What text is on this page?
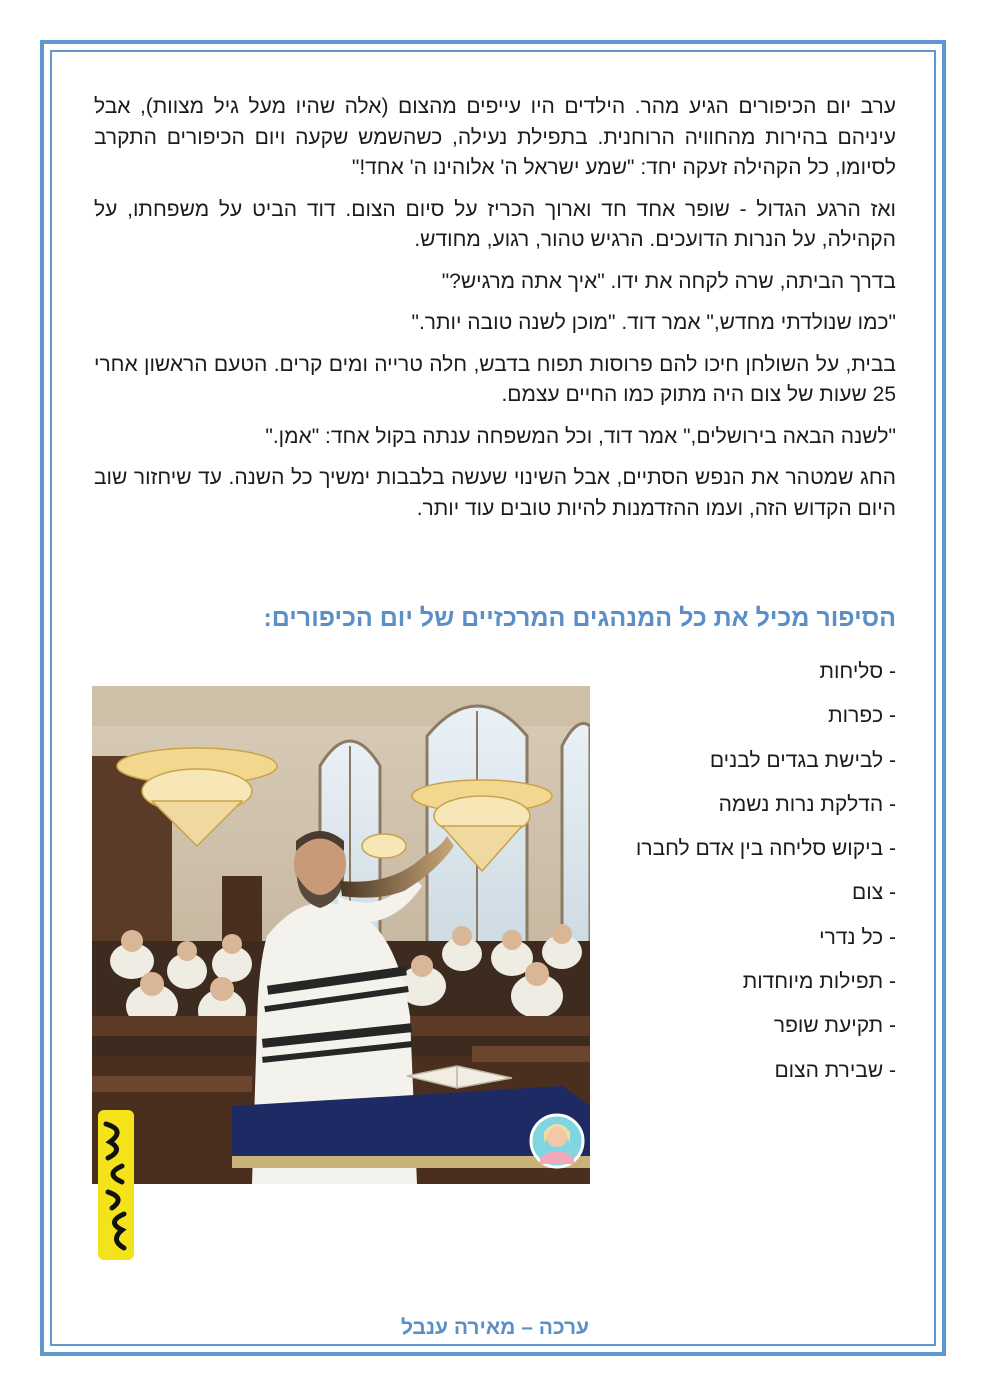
ערב יום הכיפורים הגיע מהר. הילדים היו עייפים מהצום (אלה שהיו מעל גיל מצוות), אבל עיניהם בהירות מהחוויה הרוחנית. בתפילת נעילה, כשהשמש שקעה ויום הכיפורים התקרב לסיומו, כל הקהילה זעקה יחד: "שמע ישראל ה' אלוהינו ה' אחד!"

ואז הרגע הגדול - שופר אחד חד וארוך הכריז על סיום הצום. דוד הביט על משפחתו, על הקהילה, על הנרות הדועכים. הרגיש טהור, רגוע, מחודש.

בדרך הביתה, שרה לקחה את ידו. "איך אתה מרגיש?"

"כמו שנולדתי מחדש," אמר דוד. "מוכן לשנה טובה יותר."

בבית, על השולחן חיכו להם פרוסות תפוח בדבש, חלה טרייה ומים קרים. הטעם הראשון אחרי 25 שעות של צום היה מתוק כמו החיים עצמם.

"לשנה הבאה בירושלים," אמר דוד, וכל המשפחה ענתה בקול אחד: "אמן."

החג שמטהר את הנפש הסתיים, אבל השינוי שעשה בלבבות ימשיך כל השנה. עד שיחזור שוב היום הקדוש הזה, ועמו ההזדמנות להיות טובים עוד יותר.

הסיפור מכיל את כל המנהגים המרכזיים של יום הכיפורים:
- סליחות
- כפרות
- לבישת בגדים לבנים
- הדלקת נרות נשמה
- ביקוש סליחה בין אדם לחברו
- צום
- כל נדרי
- תפילות מיוחדות
- תקיעת שופר
- שבירת הצום
ערכה – מאירה ענבל
